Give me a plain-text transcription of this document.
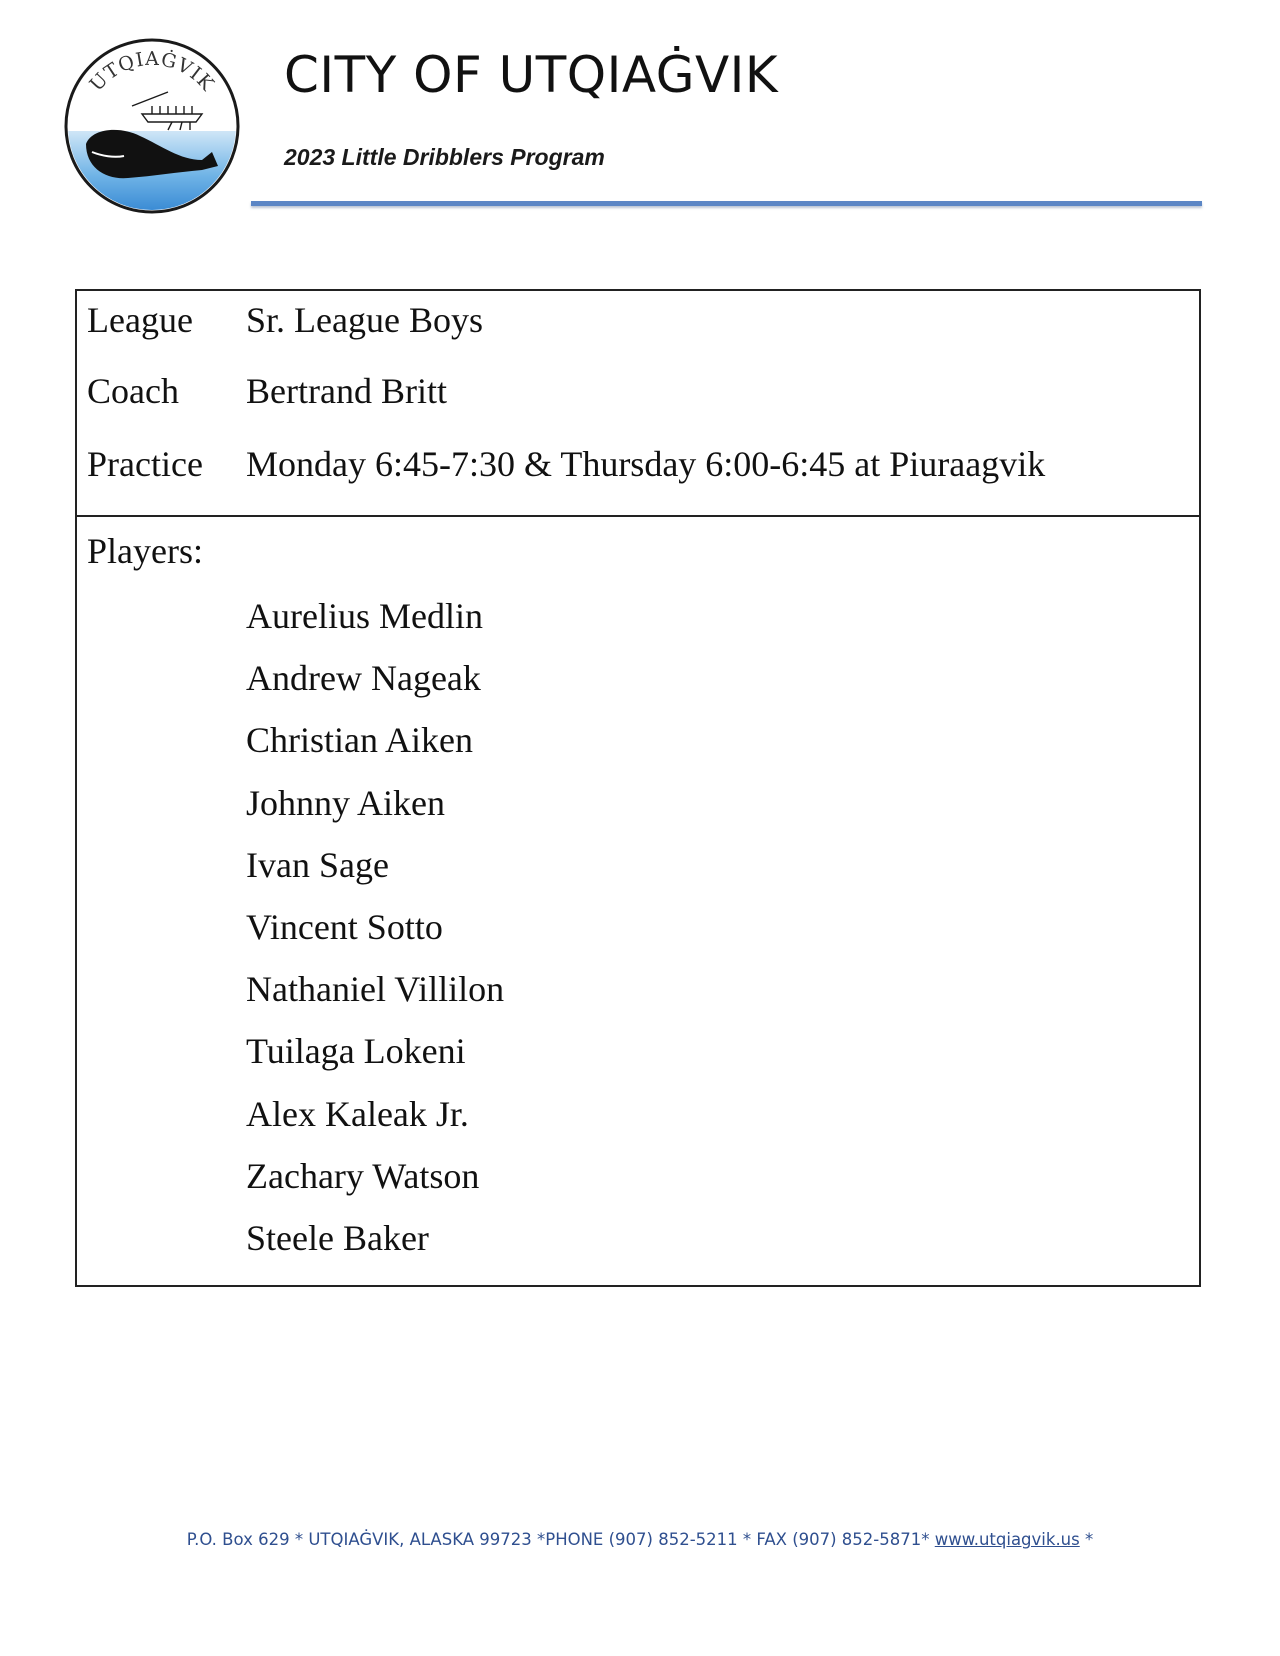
UTQIAĠVIK CITY OF UTQIAĠVIK
2023 Little Dribblers Program
League Sr. League Boys
Coach Bertrand Britt
Practice Monday 6:45-7:30 & Thursday 6:00-6:45 at Piuraagvik
Players:
Aurelius Medlin
Andrew Nageak
Christian Aiken
Johnny Aiken
Ivan Sage
Vincent Sotto
Nathaniel Villilon
Tuilaga Lokeni
Alex Kaleak Jr.
Zachary Watson
Steele Baker
P.O. Box 629 * UTQIAĠVIK, ALASKA 99723 *PHONE (907) 852-5211 * FAX (907) 852-5871* www.utqiagvik.us *
